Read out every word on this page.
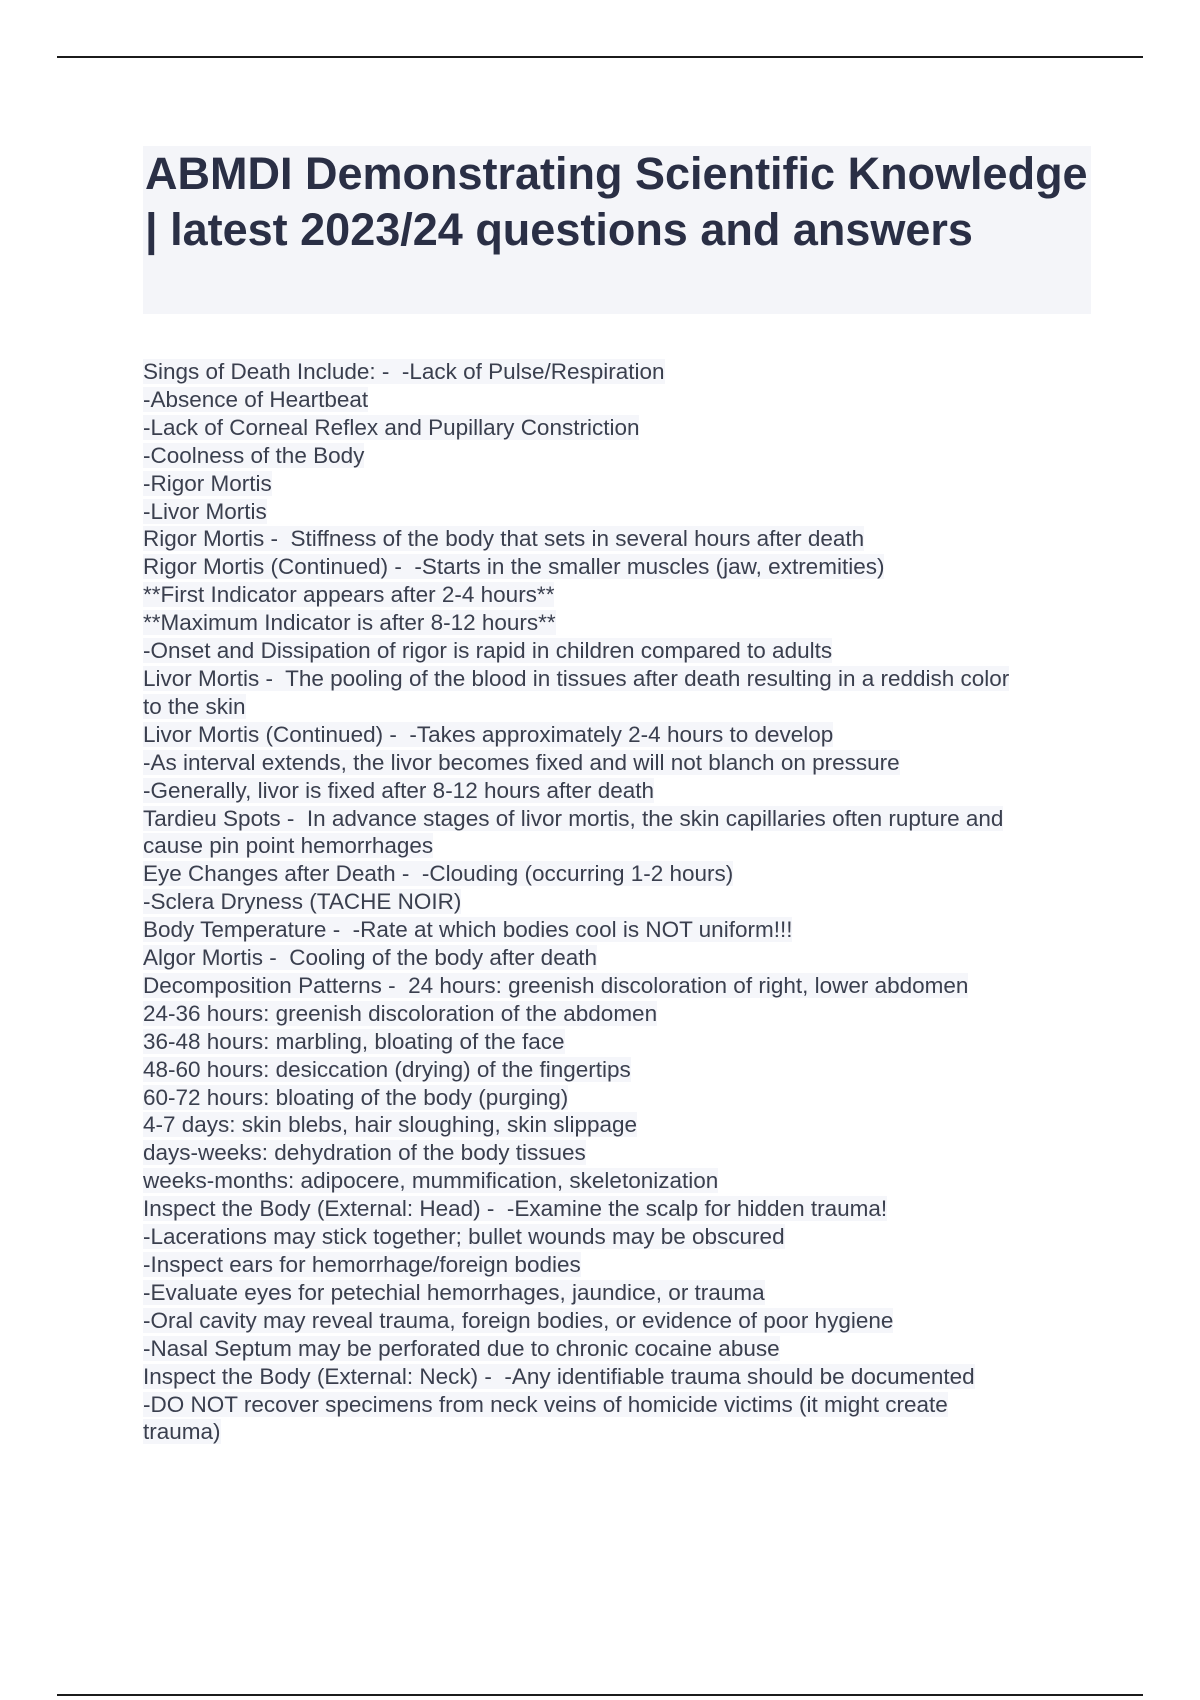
ABMDI Demonstrating Scientific Knowledge | latest 2023/24 questions and answers
Sings of Death Include: -  -Lack of Pulse/Respiration
-Absence of Heartbeat
-Lack of Corneal Reflex and Pupillary Constriction
-Coolness of the Body
-Rigor Mortis
-Livor Mortis
Rigor Mortis -  Stiffness of the body that sets in several hours after death
Rigor Mortis (Continued) -  -Starts in the smaller muscles (jaw, extremities)
**First Indicator appears after 2-4 hours**
**Maximum Indicator is after 8-12 hours**
-Onset and Dissipation of rigor is rapid in children compared to adults
Livor Mortis -  The pooling of the blood in tissues after death resulting in a reddish color
to the skin
Livor Mortis (Continued) -  -Takes approximately 2-4 hours to develop
-As interval extends, the livor becomes fixed and will not blanch on pressure
-Generally, livor is fixed after 8-12 hours after death
Tardieu Spots -  In advance stages of livor mortis, the skin capillaries often rupture and
cause pin point hemorrhages
Eye Changes after Death -  -Clouding (occurring 1-2 hours)
-Sclera Dryness (TACHE NOIR)
Body Temperature -  -Rate at which bodies cool is NOT uniform!!!
Algor Mortis -  Cooling of the body after death
Decomposition Patterns -  24 hours: greenish discoloration of right, lower abdomen
24-36 hours: greenish discoloration of the abdomen
36-48 hours: marbling, bloating of the face
48-60 hours: desiccation (drying) of the fingertips
60-72 hours: bloating of the body (purging)
4-7 days: skin blebs, hair sloughing, skin slippage
days-weeks: dehydration of the body tissues
weeks-months: adipocere, mummification, skeletonization
Inspect the Body (External: Head) -  -Examine the scalp for hidden trauma!
-Lacerations may stick together; bullet wounds may be obscured
-Inspect ears for hemorrhage/foreign bodies
-Evaluate eyes for petechial hemorrhages, jaundice, or trauma
-Oral cavity may reveal trauma, foreign bodies, or evidence of poor hygiene
-Nasal Septum may be perforated due to chronic cocaine abuse
Inspect the Body (External: Neck) -  -Any identifiable trauma should be documented
-DO NOT recover specimens from neck veins of homicide victims (it might create
trauma)
